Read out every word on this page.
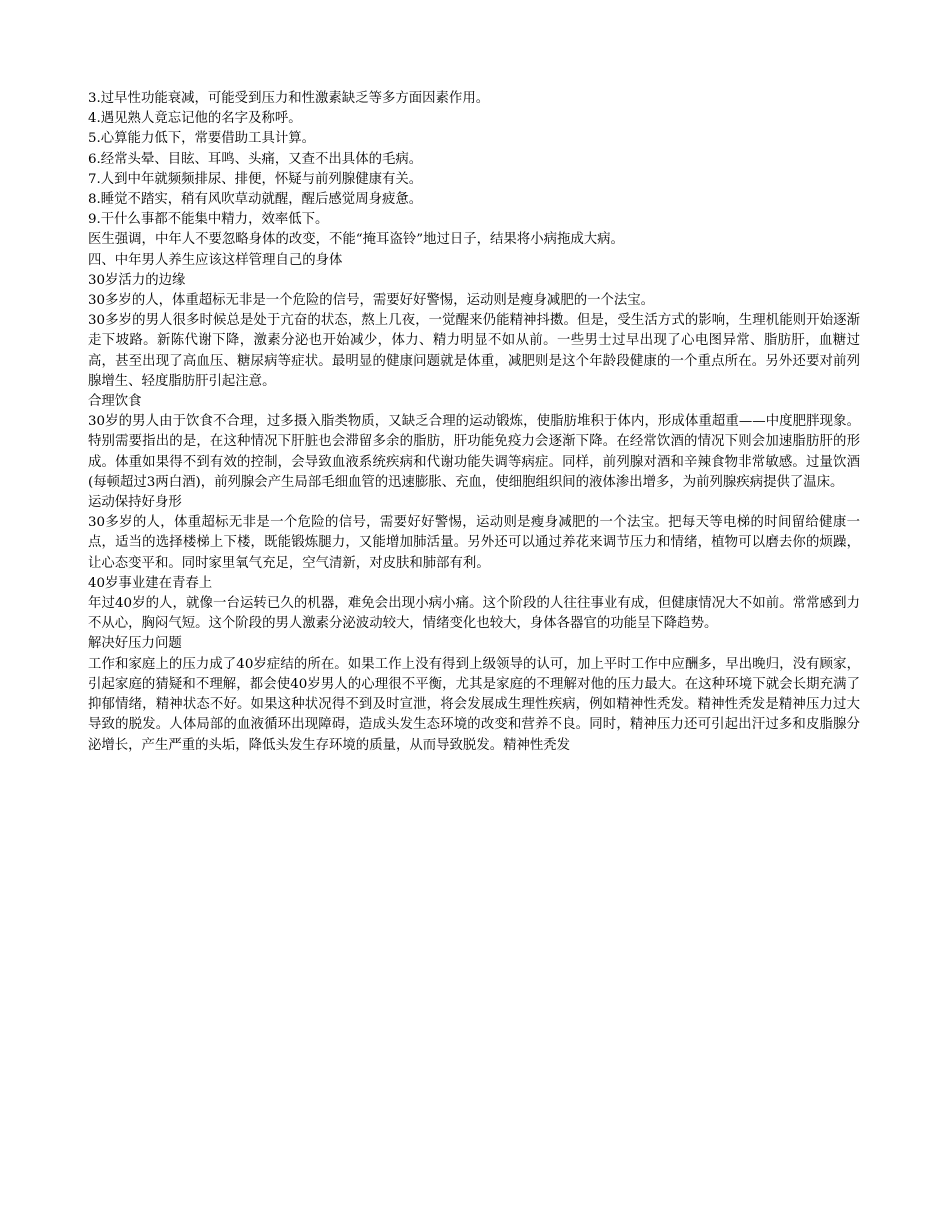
3.过早性功能衰减，可能受到压力和性激素缺乏等多方面因素作用。

4.遇见熟人竟忘记他的名字及称呼。

5.心算能力低下，常要借助工具计算。

6.经常头晕、目眩、耳鸣、头痛，又查不出具体的毛病。

7.人到中年就频频排尿、排便，怀疑与前列腺健康有关。

8.睡觉不踏实，稍有风吹草动就醒，醒后感觉周身疲惫。

9.干什么事都不能集中精力，效率低下。

医生强调，中年人不要忽略身体的改变，不能“掩耳盗铃”地过日子，结果将小病拖成大病。

四、中年男人养生应该这样管理自己的身体

30岁活力的边缘

30多岁的人，体重超标无非是一个危险的信号，需要好好警惕，运动则是瘦身减肥的一个法宝。

30多岁的男人很多时候总是处于亢奋的状态，熬上几夜，一觉醒来仍能精神抖擞。但是，受生活方式的影响，生理机能则开始逐渐走下坡路。新陈代谢下降，激素分泌也开始减少，体力、精力明显不如从前。一些男士过早出现了心电图异常、脂肪肝，血糖过高，甚至出现了高血压、糖尿病等症状。最明显的健康问题就是体重，减肥则是这个年龄段健康的一个重点所在。另外还要对前列腺增生、轻度脂肪肝引起注意。

合理饮食

30岁的男人由于饮食不合理，过多摄入脂类物质，又缺乏合理的运动锻炼，使脂肪堆积于体内，形成体重超重——中度肥胖现象。特别需要指出的是，在这种情况下肝脏也会滞留多余的脂肪，肝功能免疫力会逐渐下降。在经常饮酒的情况下则会加速脂肪肝的形成。体重如果得不到有效的控制，会导致血液系统疾病和代谢功能失调等病症。同样，前列腺对酒和辛辣食物非常敏感。过量饮酒(每顿超过3两白酒)，前列腺会产生局部毛细血管的迅速膨胀、充血，使细胞组织间的液体渗出增多，为前列腺疾病提供了温床。

运动保持好身形

30多岁的人，体重超标无非是一个危险的信号，需要好好警惕，运动则是瘦身减肥的一个法宝。把每天等电梯的时间留给健康一点，适当的选择楼梯上下楼，既能锻炼腿力，又能增加肺活量。另外还可以通过养花来调节压力和情绪，植物可以磨去你的烦躁，让心态变平和。同时家里氧气充足，空气清新，对皮肤和肺部有利。

40岁事业建在青春上

年过40岁的人，就像一台运转已久的机器，难免会出现小病小痛。这个阶段的人往往事业有成，但健康情况大不如前。常常感到力不从心，胸闷气短。这个阶段的男人激素分泌波动较大，情绪变化也较大，身体各器官的功能呈下降趋势。

解决好压力问题

工作和家庭上的压力成了40岁症结的所在。如果工作上没有得到上级领导的认可，加上平时工作中应酬多，早出晚归，没有顾家，引起家庭的猜疑和不理解，都会使40岁男人的心理很不平衡，尤其是家庭的不理解对他的压力最大。在这种环境下就会长期充满了抑郁情绪，精神状态不好。如果这种状况得不到及时宣泄，将会发展成生理性疾病，例如精神性秃发。精神性秃发是精神压力过大导致的脱发。人体局部的血液循环出现障碍，造成头发生态环境的改变和营养不良。同时，精神压力还可引起出汗过多和皮脂腺分泌增长，产生严重的头垢，降低头发生存环境的质量，从而导致脱发。精神性秃发
